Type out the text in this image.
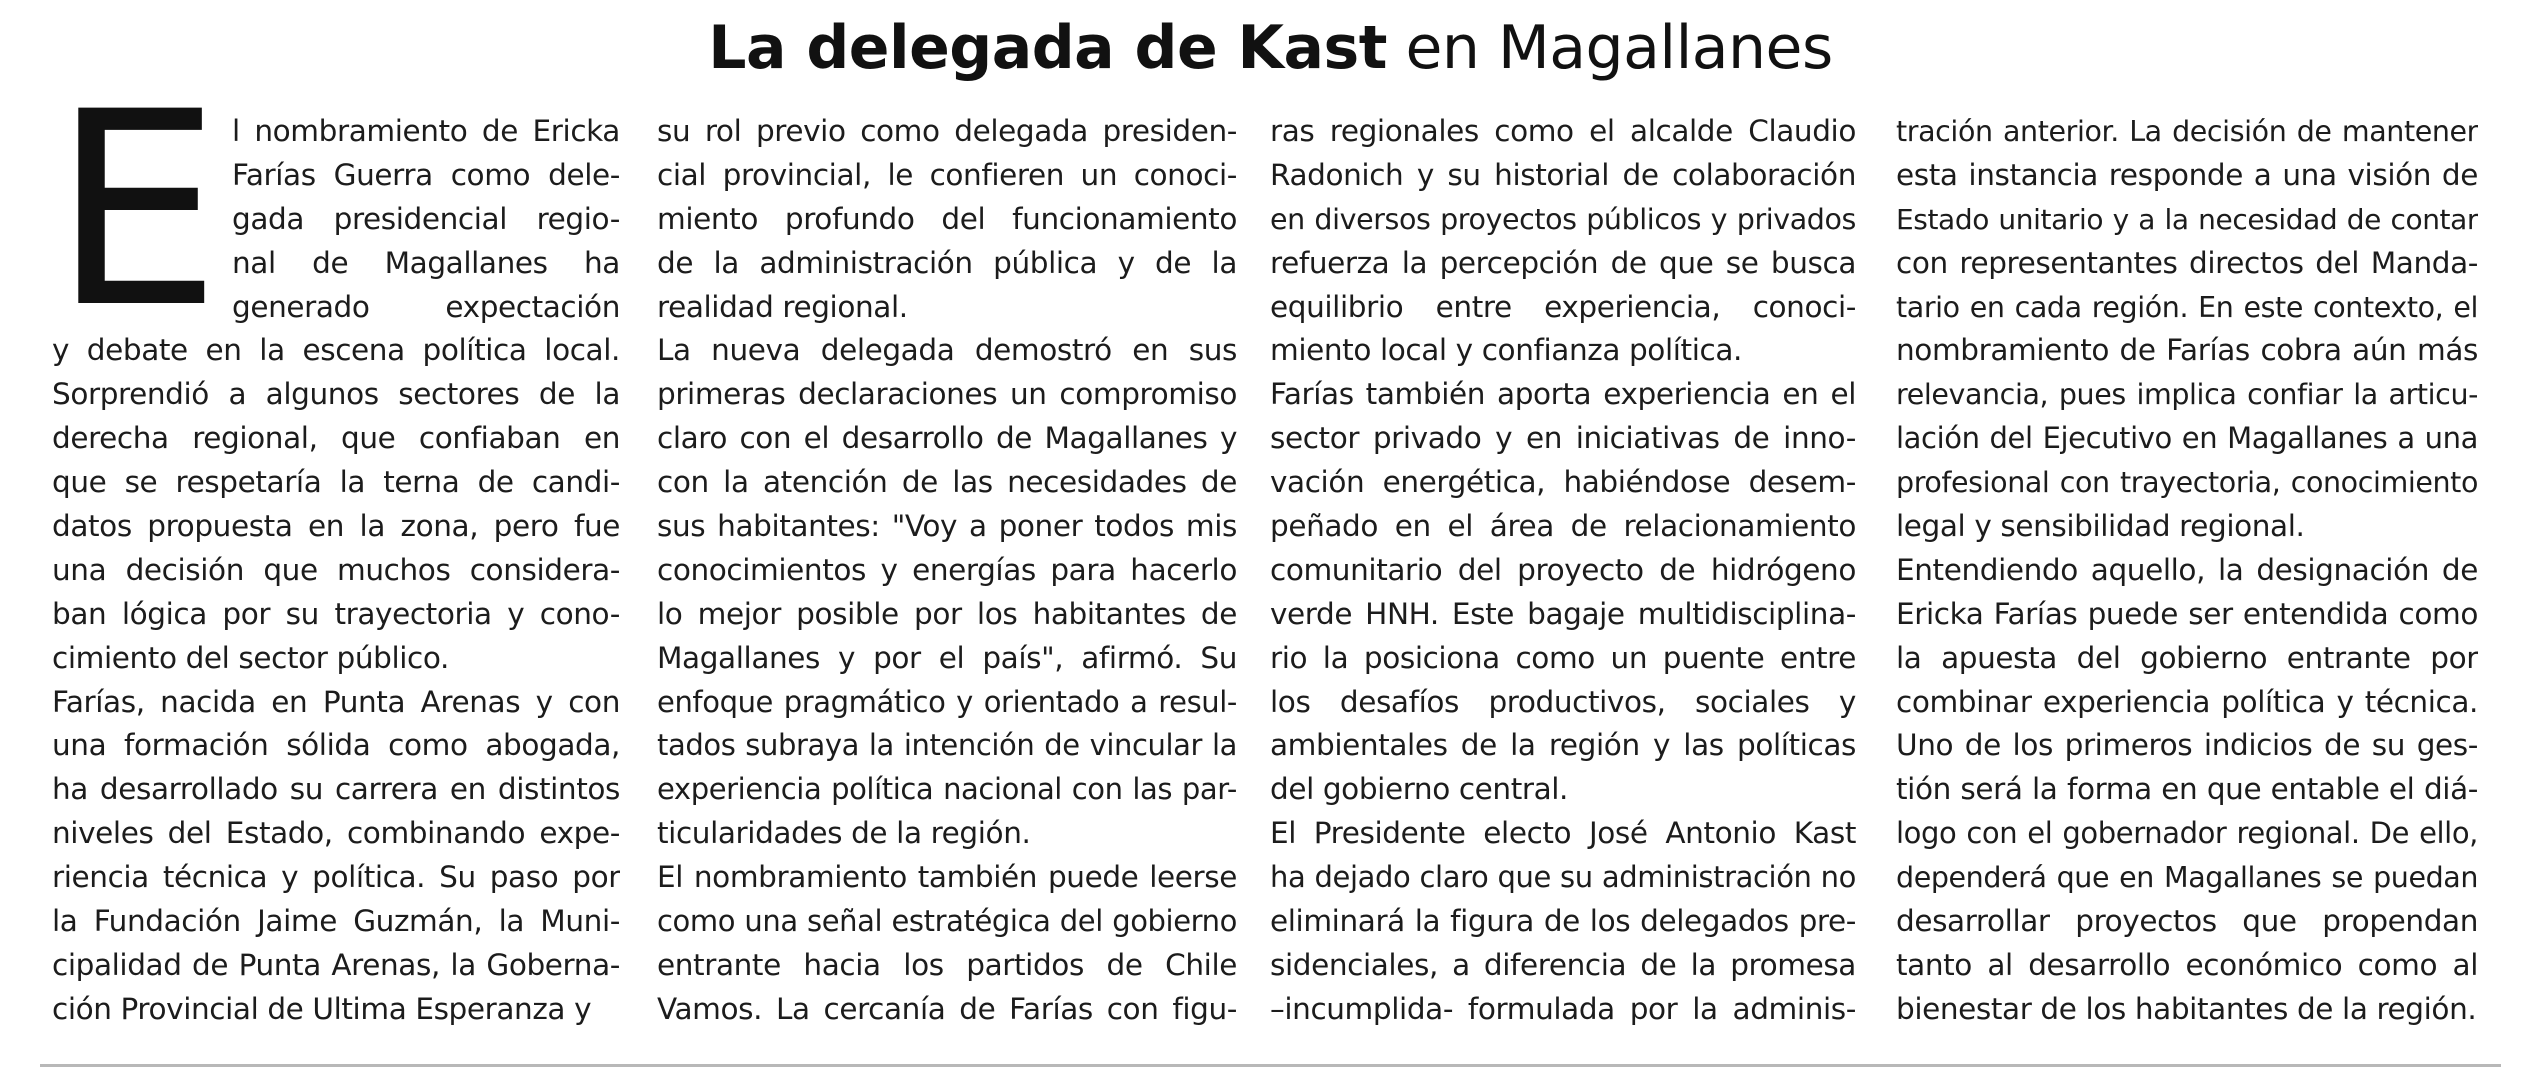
La delegada de Kast en Magallanes
E l nombramiento de Ericka
Farías Guerra como dele-
gada presidencial regio-
nal de Magallanes ha
generado expectación
y debate en la escena política local.
Sorprendió a algunos sectores de la
derecha regional, que confiaban en
que se respetaría la terna de candi-
datos propuesta en la zona, pero fue
una decisión que muchos considera-
ban lógica por su trayectoria y cono-
cimiento del sector público.
Farías, nacida en Punta Arenas y con
una formación sólida como abogada,
ha desarrollado su carrera en distintos
niveles del Estado, combinando expe-
riencia técnica y política. Su paso por
la Fundación Jaime Guzmán, la Muni-
cipalidad de Punta Arenas, la Goberna-
ción Provincial de Ultima Esperanza y
su rol previo como delegada presiden-
cial provincial, le confieren un conoci-
miento profundo del funcionamiento
de la administración pública y de la
realidad regional.
La nueva delegada demostró en sus
primeras declaraciones un compromiso
claro con el desarrollo de Magallanes y
con la atención de las necesidades de
sus habitantes: "Voy a poner todos mis
conocimientos y energías para hacerlo
lo mejor posible por los habitantes de
Magallanes y por el país", afirmó. Su
enfoque pragmático y orientado a resul-
tados subraya la intención de vincular la
experiencia política nacional con las par-
ticularidades de la región.
El nombramiento también puede leerse
como una señal estratégica del gobierno
entrante hacia los partidos de Chile
Vamos. La cercanía de Farías con figu-
ras regionales como el alcalde Claudio
Radonich y su historial de colaboración
en diversos proyectos públicos y privados
refuerza la percepción de que se busca
equilibrio entre experiencia, conoci-
miento local y confianza política.
Farías también aporta experiencia en el
sector privado y en iniciativas de inno-
vación energética, habiéndose desem-
peñado en el área de relacionamiento
comunitario del proyecto de hidrógeno
verde HNH. Este bagaje multidisciplina-
rio la posiciona como un puente entre
los desafíos productivos, sociales y
ambientales de la región y las políticas
del gobierno central.
El Presidente electo José Antonio Kast
ha dejado claro que su administración no
eliminará la figura de los delegados pre-
sidenciales, a diferencia de la promesa
–incumplida- formulada por la adminis-
tración anterior. La decisión de mantener
esta instancia responde a una visión de
Estado unitario y a la necesidad de contar
con representantes directos del Manda-
tario en cada región. En este contexto, el
nombramiento de Farías cobra aún más
relevancia, pues implica confiar la articu-
lación del Ejecutivo en Magallanes a una
profesional con trayectoria, conocimiento
legal y sensibilidad regional.
Entendiendo aquello, la designación de
Ericka Farías puede ser entendida como
la apuesta del gobierno entrante por
combinar experiencia política y técnica.
Uno de los primeros indicios de su ges-
tión será la forma en que entable el diá-
logo con el gobernador regional. De ello,
dependerá que en Magallanes se puedan
desarrollar proyectos que propendan
tanto al desarrollo económico como al
bienestar de los habitantes de la región.
